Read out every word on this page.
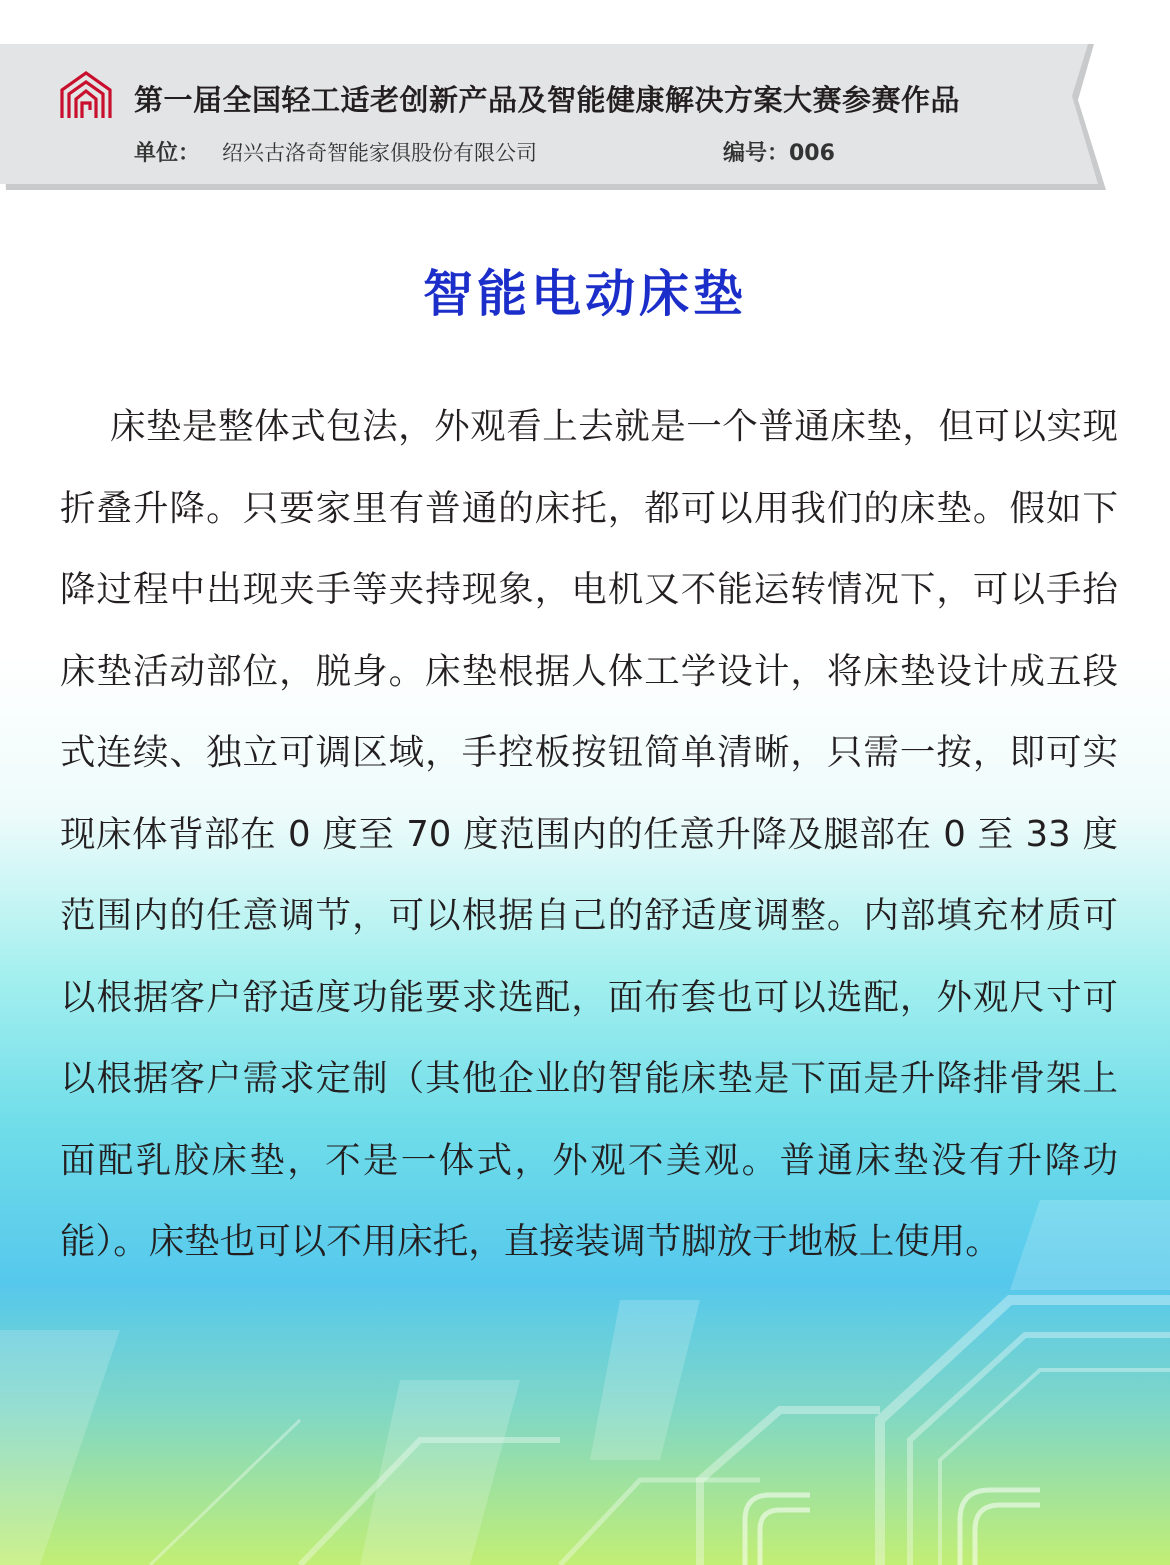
第一届全国轻工适老创新产品及智能健康解决方案大赛参赛作品
单位： 绍兴古洛奇智能家俱股份有限公司	编号：006
智能电动床垫

床垫是整体式包法，外观看上去就是一个普通床垫，但可以实现折叠升降。只要家里有普通的床托，都可以用我们的床垫。假如下降过程中出现夹手等夹持现象，电机又不能运转情况下，可以手抬床垫活动部位，脱身。床垫根据人体工学设计，将床垫设计成五段式连续、独立可调区域，手控板按钮简单清晰，只需一按，即可实现床体背部在 0 度至 70 度范围内的任意升降及腿部在 0 至 33 度范围内的任意调节，可以根据自己的舒适度调整。内部填充材质可以根据客户舒适度功能要求选配，面布套也可以选配，外观尺寸可以根据客户需求定制（其他企业的智能床垫是下面是升降排骨架上面配乳胶床垫，不是一体式，外观不美观。普通床垫没有升降功能）。床垫也可以不用床托，直接装调节脚放于地板上使用。
